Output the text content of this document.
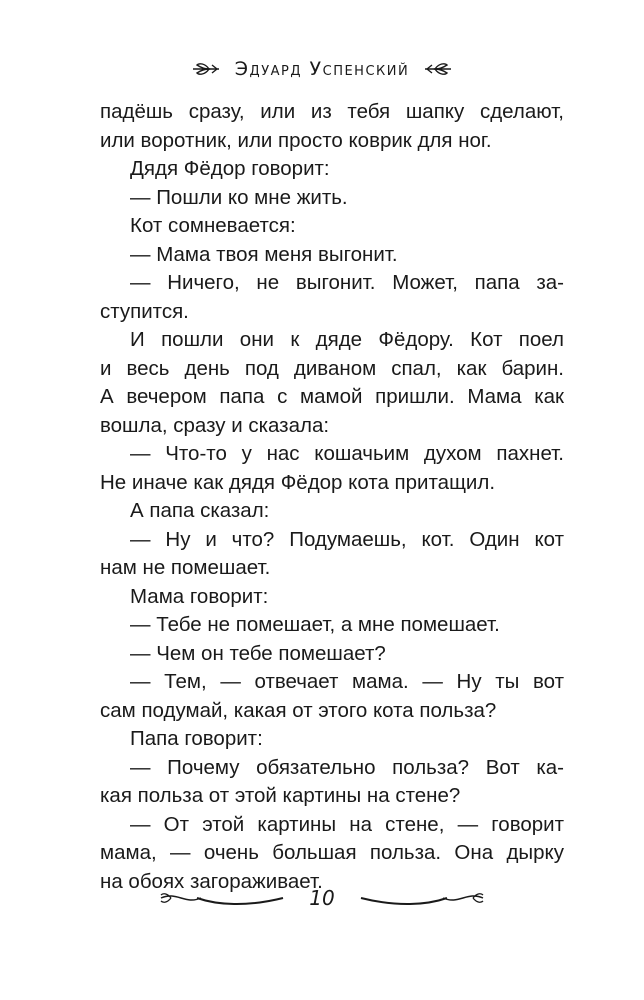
Эдуард Успенский

падёшь сразу, или из тебя шапку сделают,

или воротник, или просто коврик для ног.

Дядя Фёдор говорит:

— Пошли ко мне жить.

Кот сомневается:

— Мама твоя меня выгонит.

— Ничего, не выгонит. Может, папа за-

ступится.

И пошли они к дяде Фёдору. Кот поел

и весь день под диваном спал, как барин.

А вечером папа с мамой пришли. Мама как

вошла, сразу и сказала:

— Что-то у нас кошачьим духом пахнет.

Не иначе как дядя Фёдор кота притащил.

А папа сказал:

— Ну и что? Подумаешь, кот. Один кот

нам не помешает.

Мама говорит:

— Тебе не помешает, а мне помешает.

— Чем он тебе помешает?

— Тем, — отвечает мама. — Ну ты вот

сам подумай, какая от этого кота польза?

Папа говорит:

— Почему обязательно польза? Вот ка-

кая польза от этой картины на стене?

— От этой картины на стене, — говорит

мама, — очень большая польза. Она дырку

на обоях загораживает.

10
